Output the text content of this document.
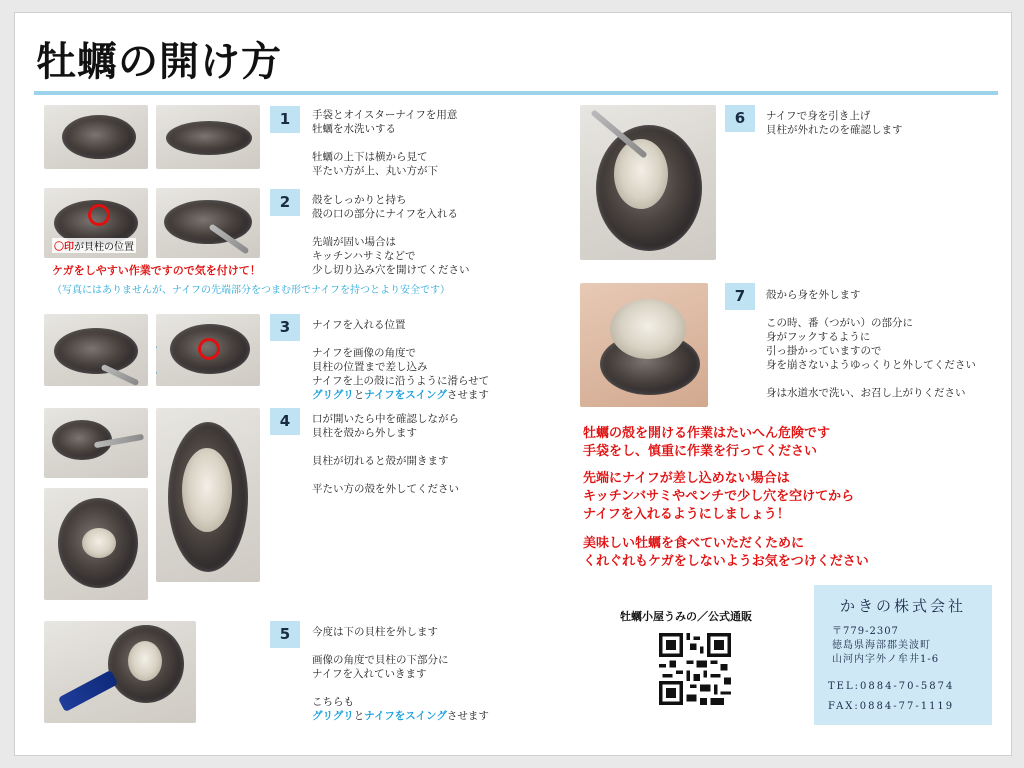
牡蠣の開け方
1	手袋とオイスターナイフを用意
牡蠣を水洗いする

牡蠣の上下は横から見て
平たい方が上、丸い方が下
〇印が貝柱の位置
2	殻をしっかりと持ち
殻の口の部分にナイフを入れる

先端が固い場合は
キッチンハサミなどで
少し切り込み穴を開けてください
ケガをしやすい作業ですので気を付けて！
（写真にはありませんが、ナイフの先端部分をつまむ形でナイフを持つとより安全です）
3	ナイフを入れる位置

ナイフを画像の角度で
貝柱の位置まで差し込み
ナイフを上の殻に沿うように滑らせて
グリグリとナイフをスイングさせます
4	口が開いたら中を確認しながら
貝柱を殻から外します

貝柱が切れると殻が開きます

平たい方の殻を外してください
5	今度は下の貝柱を外します

画像の角度で貝柱の下部分に
ナイフを入れていきます

こちらも
グリグリとナイフをスイングさせます
6	ナイフで身を引き上げ
貝柱が外れたのを確認します
7	殻から身を外します

この時、番（つがい）の部分に
身がフックするように
引っ掛かっていますので
身を崩さないようゆっくりと外してください

身は水道水で洗い、お召し上がりください
牡蠣の殻を開ける作業はたいへん危険です
手袋をし、慎重に作業を行ってください
先端にナイフが差し込めない場合は
キッチンバサミやペンチで少し穴を空けてから
ナイフを入れるようにしましょう！
美味しい牡蠣を食べていただくために
くれぐれもケガをしないようお気をつけください
牡蠣小屋うみの／公式通販
かきの株式会社
〒779-2307
徳島県海部郡美波町
山河内字外ノ牟井1-6
TEL:0884-70-5874
FAX:0884-77-1119
